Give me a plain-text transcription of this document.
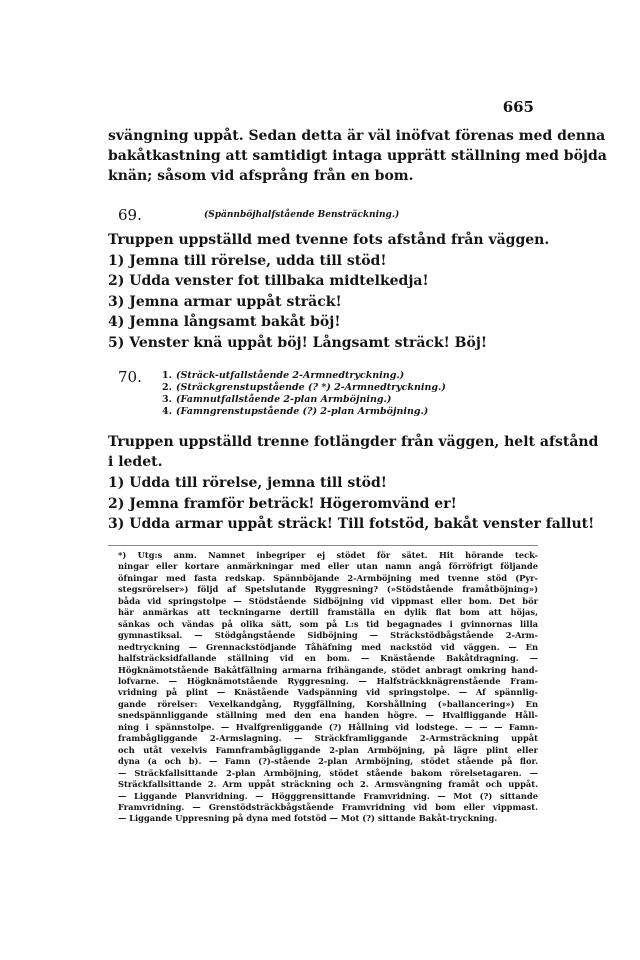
665
svängning uppåt. Sedan detta är väl inöfvat förenas med denna
bakåtkastning att samtidigt intaga upprätt ställning med böjda
knän; såsom vid afsprång från en bom.
69.	(Spännböjhalfstående Bensträckning.)
Truppen uppställd med tvenne fots afstånd från väggen.
1) Jemna till rörelse, udda till stöd!
2) Udda venster fot tillbaka midtelkedja!
3) Jemna armar uppåt sträck!
4) Jemna långsamt bakåt böj!
5) Venster knä uppåt böj! Långsamt sträck! Böj!
70. 1. (Sträck-utfallstående 2-Armnedtryckning.)
2. (Sträckgrenstupstående (? *) 2-Armnedtryckning.)
3. (Famnutfallstående 2-plan Armböjning.)
4. (Famngrenstupstående (?) 2-plan Armböjning.)
Truppen uppställd trenne fotlängder från väggen, helt afstånd
i ledet.
1) Udda till rörelse, jemna till stöd!
2) Jemna framför beträck! Högeromvänd er!
3) Udda armar uppåt sträck! Till fotstöd, bakåt venster fallut!
*) Utg:s anm. Namnet inbegriper ej stödet för sätet. Hit hörande teck-
ningar eller kortare anmärkningar med eller utan namn angå förröfrigt följande
öfningar med fasta redskap. Spännböjande 2-Armböjning med tvenne stöd (Pyr-
stegsrörelser») följd af Spetslutande Ryggresning? (»Stödstående framåtböjning»)
båda vid springstolpe — Stödstående Sidböjning vid vippmast eller bom. Det bör
här anmärkas att teckningarne dertill framställa en dylik flat bom att höjas,
sänkas och vändas på olika sätt, som på L:s tid begagnades i gvinnornas lilla
gymnastiksal. — Stödgångstående Sidböjning — Sträckstödbågstående 2-Arm-
nedtryckning — Grennackstödjande Tåhäfning med nackstöd vid väggen. — En
halfsträcksidfallande ställning vid en bom. — Knästående Bakåtdragning. —
Högknämotstående Bakåtfällning armarna frihängande, stödet anbragt omkring hand-
lofvarne. — Högknämotstående Ryggresning. — Halfsträckknägrenstående Fram-
vridning på plint — Knästående Vadspänning vid springstolpe. — Af spännlig-
gande rörelser: Vexelkandgång, Ryggfällning, Korshållning (»ballancering») En
snedspännliggande ställning med den ena handen högre. — Hvalfliggande Håll-
ning i spännstolpe. — Hvalfgrenliggande (?) Hållning vid lodstege. — — — Famn-
frambågliggande 2-Armslagning. — Sträckframliggande 2-Armsträckning uppåt
och utåt vexelvis Famnframbågliggande 2-plan Armböjning, på lägre plint eller
dyna (a och b). — Famn (?)-stående 2-plan Armböjning, stödet stående på flor.
— Sträckfallsittande 2-plan Armböjning, stödet stående bakom rörelsetagaren. —
Sträckfallsittande 2. Arm uppåt sträckning och 2. Armsvängning framåt och uppåt.
— Liggande Planvridning. — Högggrensittande Framvridning. — Mot (?) sittande
Framvridning. — Grenstödsträckbågstående Framvridning vid bom eller vippmast.
— Liggande Uppresning på dyna med fotstöd — Mot (?) sittande Bakåt-tryckning.
